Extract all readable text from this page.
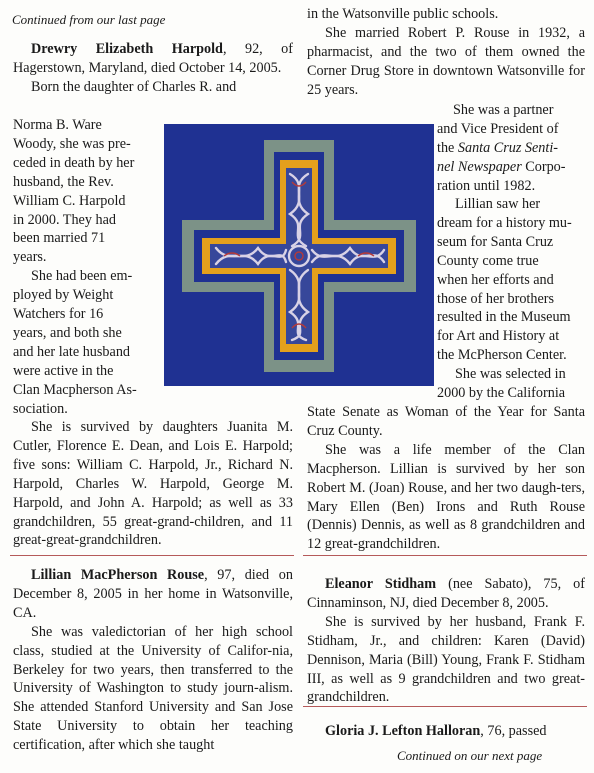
Continued from our last page

Drewry Elizabeth Harpold, 92, of Hagerstown, Maryland, died October 14, 2005.

Born the daughter of Charles R. and

Norma B. Ware
Woody, she was pre-
ceded in death by her
husband, the Rev.
William C. Harpold
in 2000. They had
been married 71
years.
She had been em-
ployed by Weight
Watchers for 16
years, and both she
and her late husband
were active in the
Clan Macpherson As-
sociation.

She is survived by daughters Juanita M. Cutler, Florence E. Dean, and Lois E. Harpold; five sons: William C. Harpold, Jr., Richard N. Harpold, Charles W. Harpold, George M. Harpold, and John A. Harpold; as well as 33 grandchildren, 55 great-grand-children, and 11 great-great-grandchildren.

Lillian MacPherson Rouse, 97, died on December 8, 2005 in her home in Watsonville, CA.

She was valedictorian of her high school class, studied at the University of Califor-nia, Berkeley for two years, then transferred to the University of Washington to study journ-alism. She attended Stanford University and San Jose State University to obtain her teaching certification, after which she taught

in the Watsonville public schools.

She married Robert P. Rouse in 1932, a pharmacist, and the two of them owned the Corner Drug Store in downtown Watsonville for 25 years.

She was a partner
and Vice President of
the Santa Cruz Senti-
nel Newspaper Corpo-
ration until 1982.
Lillian saw her
dream for a history mu-
seum for Santa Cruz
County come true
when her efforts and
those of her brothers
resulted in the Museum
for Art and History at
the McPherson Center.
She was selected in
2000 by the California

State Senate as Woman of the Year for Santa Cruz County.

She was a life member of the Clan Macpherson. Lillian is survived by her son Robert M. (Joan) Rouse, and her two daugh-ters, Mary Ellen (Ben) Irons and Ruth Rouse (Dennis) Dennis, as well as 8 grandchildren and 12 great-grandchildren.

Eleanor Stidham (nee Sabato), 75, of Cinnaminson, NJ, died December 8, 2005.

She is survived by her husband, Frank F. Stidham, Jr., and children: Karen (David) Dennison, Maria (Bill) Young, Frank F. Stidham III, as well as 9 grandchildren and two great-grandchildren.

Gloria J. Lefton Halloran, 76, passed

Continued on our next page
